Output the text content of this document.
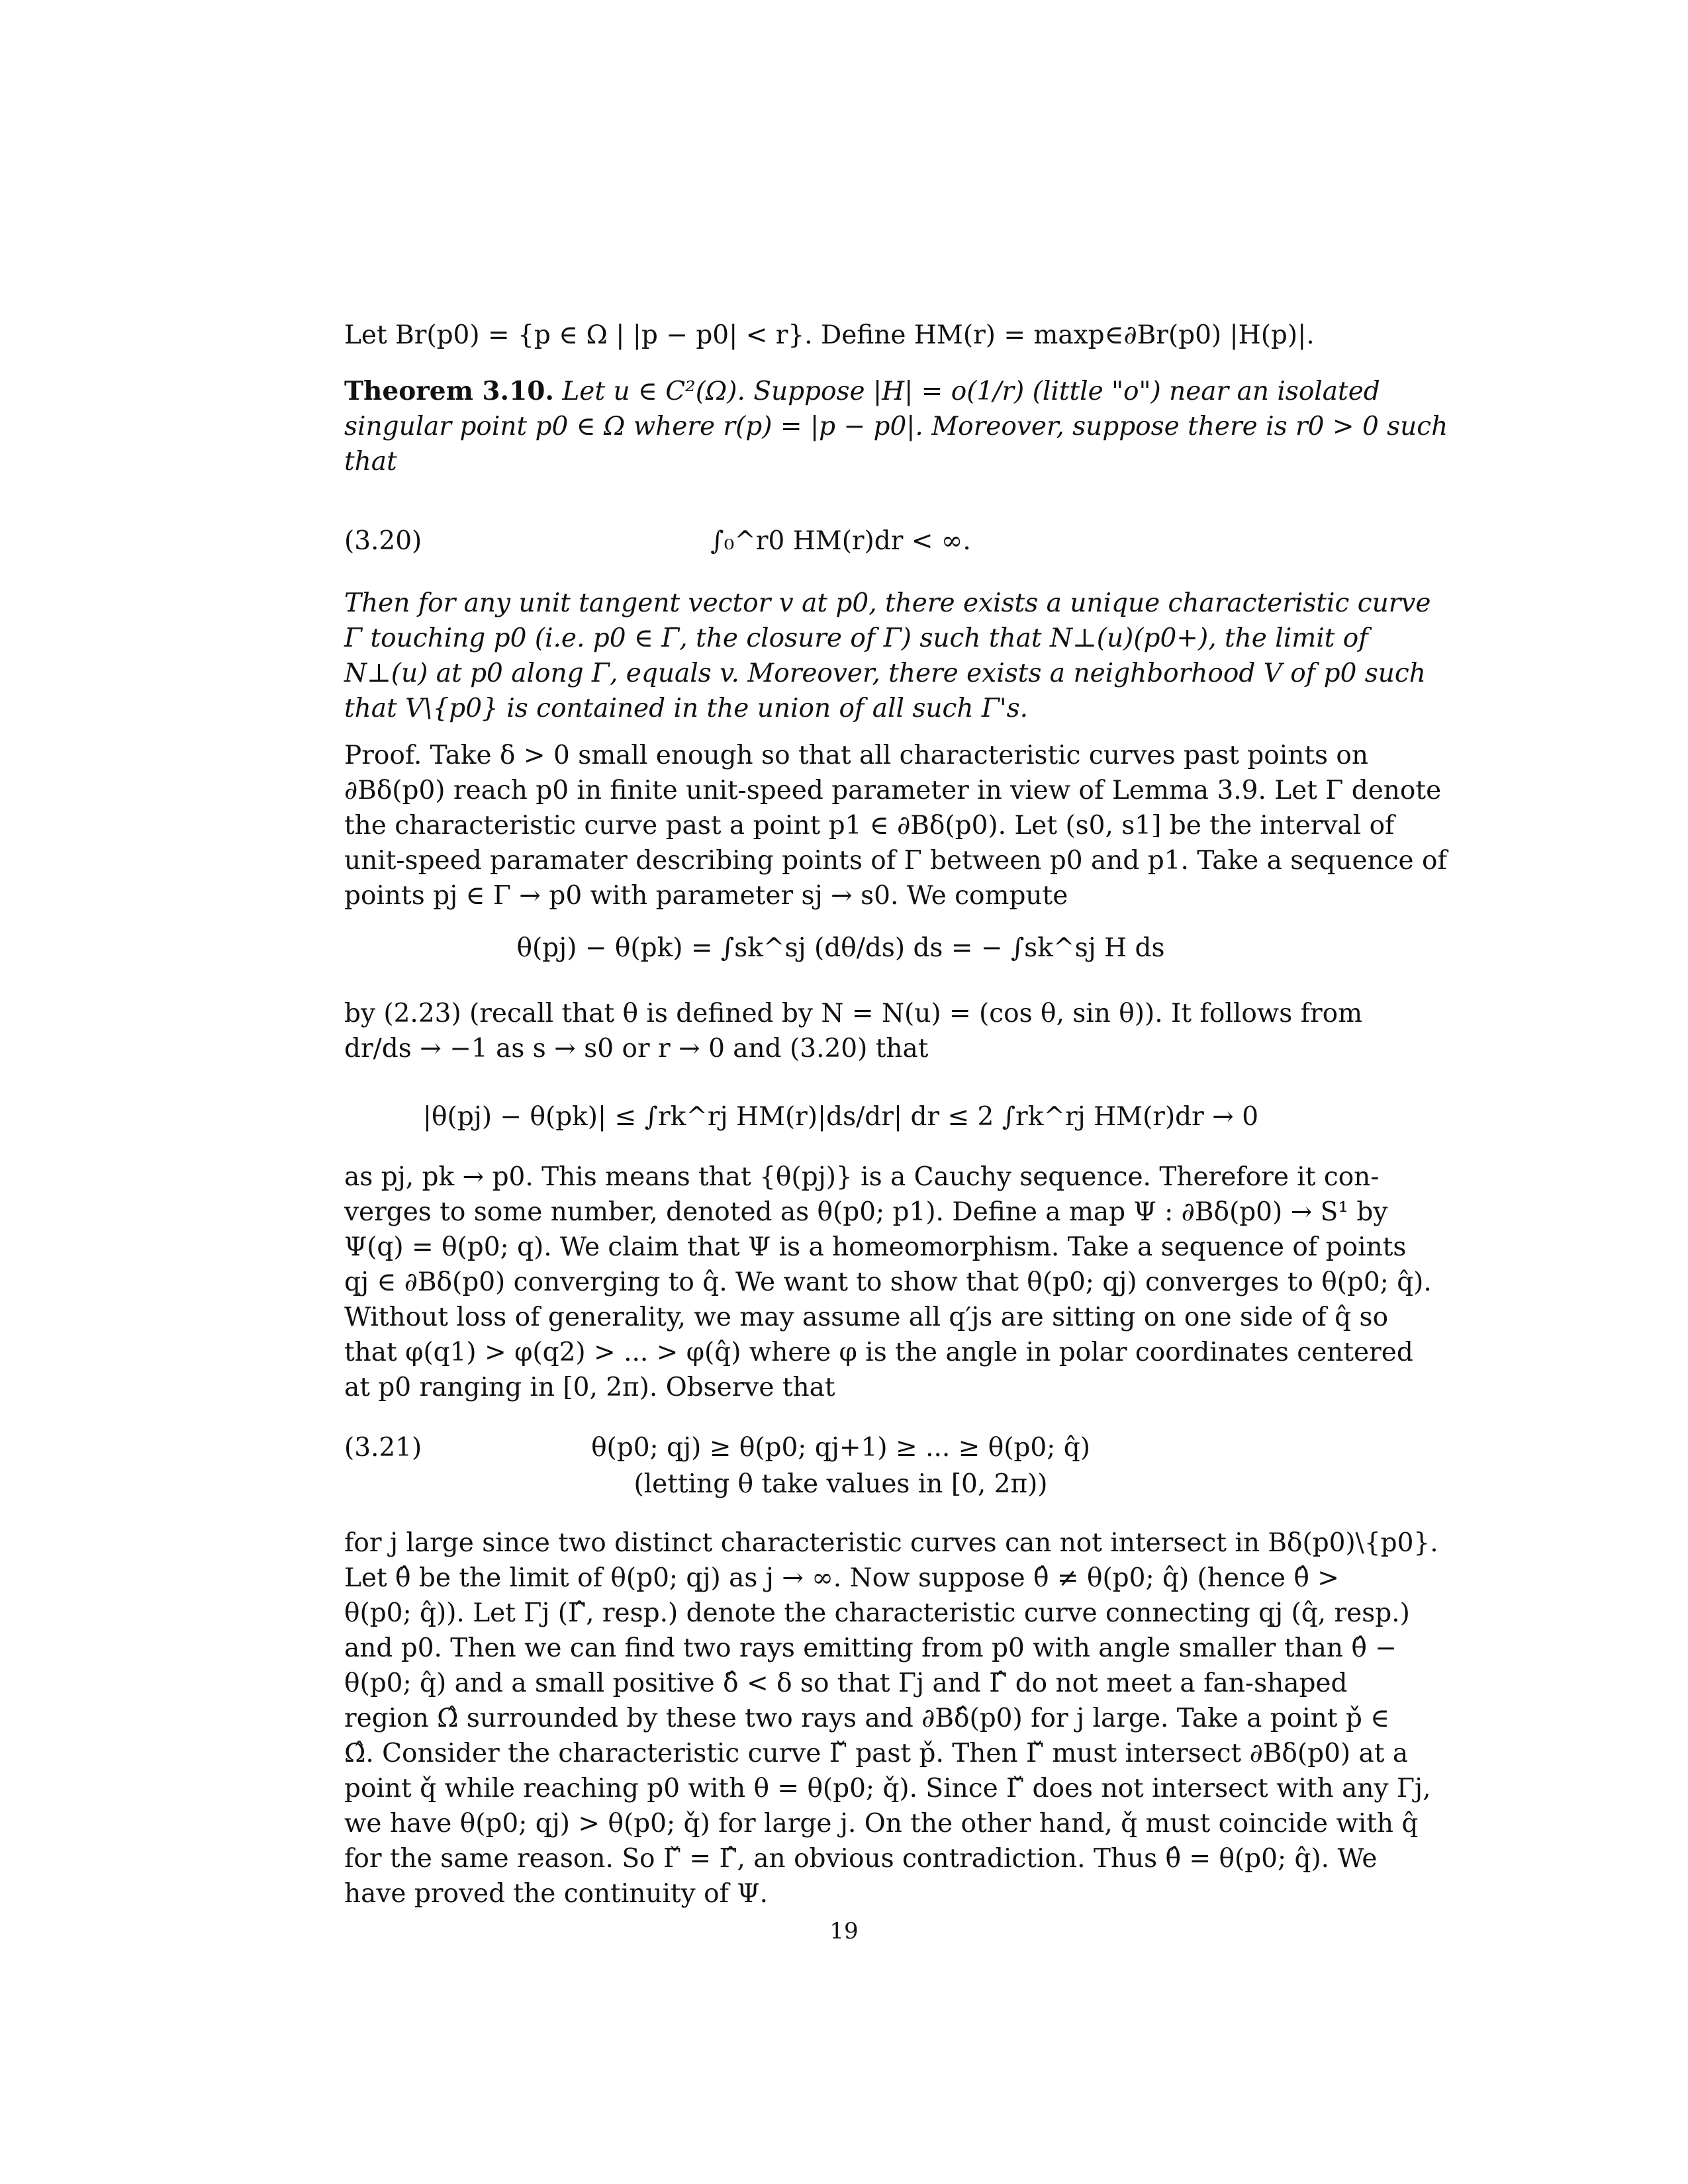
Let Br(p0) = {p ∈ Ω | |p − p0| < r}. Define HM(r) = maxp∈∂Br(p0) |H(p)|.
Theorem 3.10. Let u ∈ C²(Ω). Suppose |H| = o(1/r) (little "o") near an isolated
singular point p0 ∈ Ω where r(p) = |p − p0|. Moreover, suppose there is r0 > 0 such
that
(3.20)	∫₀^r0 HM(r)dr < ∞.
Then for any unit tangent vector v at p0, there exists a unique characteristic curve
Γ touching p0 (i.e. p0 ∈ Γ̄, the closure of Γ) such that N⊥(u)(p0+), the limit of
N⊥(u) at p0 along Γ, equals v. Moreover, there exists a neighborhood V of p0 such
that V\{p0} is contained in the union of all such Γ's.
Proof. Take δ > 0 small enough so that all characteristic curves past points on
∂Bδ(p0) reach p0 in finite unit-speed parameter in view of Lemma 3.9. Let Γ denote
the characteristic curve past a point p1 ∈ ∂Bδ(p0). Let (s0, s1] be the interval of
unit-speed paramater describing points of Γ between p0 and p1. Take a sequence of
points pj ∈ Γ → p0 with parameter sj → s0. We compute
θ(pj) − θ(pk) = ∫sk^sj (dθ/ds) ds = − ∫sk^sj H ds
by (2.23) (recall that θ is defined by N = N(u) = (cos θ, sin θ)). It follows from
dr/ds → −1 as s → s0 or r → 0 and (3.20) that
|θ(pj) − θ(pk)| ≤ ∫rk^rj HM(r)|ds/dr| dr ≤ 2 ∫rk^rj HM(r)dr → 0
as pj, pk → p0. This means that {θ(pj)} is a Cauchy sequence. Therefore it con-
verges to some number, denoted as θ(p0; p1). Define a map Ψ : ∂Bδ(p0) → S¹ by
Ψ(q) = θ(p0; q). We claim that Ψ is a homeomorphism. Take a sequence of points
qj ∈ ∂Bδ(p0) converging to q̂. We want to show that θ(p0; qj) converges to θ(p0; q̂).
Without loss of generality, we may assume all q′js are sitting on one side of q̂ so
that φ(q1) > φ(q2) > ... > φ(q̂) where φ is the angle in polar coordinates centered
at p0 ranging in [0, 2π). Observe that
(3.21)	θ(p0; qj) ≥ θ(p0; qj+1) ≥ ... ≥ θ(p0; q̂)
(letting θ take values in [0, 2π))
for j large since two distinct characteristic curves can not intersect in Bδ(p0)\{p0}.
Let θ̂ be the limit of θ(p0; qj) as j → ∞. Now suppose θ̂ ≠ θ(p0; q̂) (hence θ̂ >
θ(p0; q̂)). Let Γj (Γ̂, resp.) denote the characteristic curve connecting qj (q̂, resp.)
and p0. Then we can find two rays emitting from p0 with angle smaller than θ̂ −
θ(p0; q̂) and a small positive δ̂ < δ so that Γj and Γ̂ do not meet a fan-shaped
region Ω̂ surrounded by these two rays and ∂Bδ̂(p0) for j large. Take a point p̌ ∈
Ω̂. Consider the characteristic curve Γ̌ past p̌. Then Γ̌ must intersect ∂Bδ(p0) at a
point q̌ while reaching p0 with θ = θ(p0; q̌). Since Γ̌ does not intersect with any Γj,
we have θ(p0; qj) > θ(p0; q̌) for large j. On the other hand, q̌ must coincide with q̂
for the same reason. So Γ̌ = Γ̂, an obvious contradiction. Thus θ̂ = θ(p0; q̂). We
have proved the continuity of Ψ.
19
